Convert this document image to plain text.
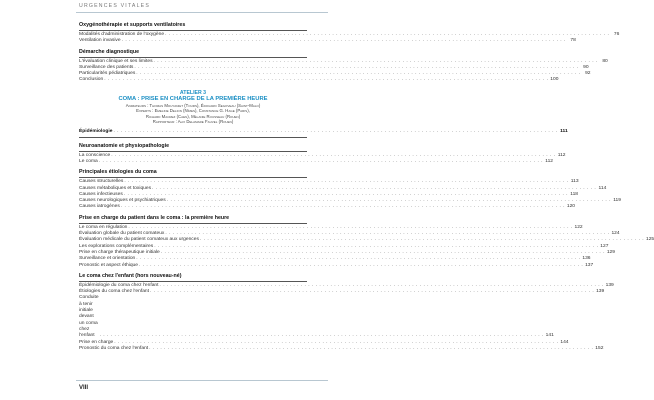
URGENCES VITALES
Oxygénothérapie et supports ventilatoires
Modalités d'administration de l'oxygène . . . . . . . . . . . . . . . . . . . . . . . . . . . . . . . . . . . . . . . . . . . . . . . . . . . . . . . . . . . . . . . . . . . . . . . . . . . . . . . . . . . . . . . . . . . . . . . . . . . . . . . . . . . . . . . . . . . . . . . . 76
Ventilation invasive . . . . . . . . . . . . . . . . . . . . . . . . . . . . . . . . . . . . . . . . . . . . . . . . . . . . . . . . . . . . . . . . . . . . . . . . . . . . . . . . . . . . . . . . . . . . . . . . . . . . . . . . . . . . . . . . . . . . . . . . 78
Démarche diagnostique
L'évaluation clinique et ses limites . . . . . . . . . . . . . . . . . . . . . . . . . . . . . . . . . . . . . . . . . . . . . . . . . . . . . . . . . . . . . . . . . . . . . . . . . . . . . . . . . . . . . . . . . . . . . . . . . . . . . . . . . . . . . . . . . . . . . . . . 80
Surveillance des patients . . . . . . . . . . . . . . . . . . . . . . . . . . . . . . . . . . . . . . . . . . . . . . . . . . . . . . . . . . . . . . . . . . . . . . . . . . . . . . . . . . . . . . . . . . . . . . . . . . . . . . . . . . . . . . . . . . . . . . . . 90
Particularités pédiatriques . . . . . . . . . . . . . . . . . . . . . . . . . . . . . . . . . . . . . . . . . . . . . . . . . . . . . . . . . . . . . . . . . . . . . . . . . . . . . . . . . . . . . . . . . . . . . . . . . . . . . . . . . . . . . . . . . . . . . . . . 92
Conclusion . . . . . . . . . . . . . . . . . . . . . . . . . . . . . . . . . . . . . . . . . . . . . . . . . . . . . . . . . . . . . . . . . . . . . . . . . . . . . . . . . . . . . . . . . . . . . . . . . . . . . . . . . . . . . . . . . . . . . . . . 100
ATELIER 3
COMA : PRISE EN CHARGE DE LA PREMIÈRE HEURE
Animateurs : Thomas Mouyaniet (Tours), Édouard Segoveau (Saint-Malo)
Experts : Emeline Delion (Nîmes), Constance G. Hage (Paris),
Richard Macrez (Caen), Mélanie Rousseau (Rouen)
Rapporteur : Alix Delamare Fauvel (Rouen)
Épidémiologie . . . . . . . . . . . . . . . . . . . . . . . . . . . . . . . . . . . . . . . . . . . . . . . . . . . . . . . . . . . . . . . . . . . . . . . . . . . . . . . . . . . . . . . . . . . . . . . . . . . . . . . . . . . . . . . . . . . . . . . . 111
Neuroanatomie et physiopathologie
La conscience . . . . . . . . . . . . . . . . . . . . . . . . . . . . . . . . . . . . . . . . . . . . . . . . . . . . . . . . . . . . . . . . . . . . . . . . . . . . . . . . . . . . . . . . . . . . . . . . . . . . . . . . . . . . . . . . . . . . . . . . 112
Le coma . . . . . . . . . . . . . . . . . . . . . . . . . . . . . . . . . . . . . . . . . . . . . . . . . . . . . . . . . . . . . . . . . . . . . . . . . . . . . . . . . . . . . . . . . . . . . . . . . . . . . . . . . . . . . . . . . . . . . . . . 112
Principales étiologies du coma
Causes structurelles . . . . . . . . . . . . . . . . . . . . . . . . . . . . . . . . . . . . . . . . . . . . . . . . . . . . . . . . . . . . . . . . . . . . . . . . . . . . . . . . . . . . . . . . . . . . . . . . . . . . . . . . . . . . . . . . . . . . . . . . 113
Causes métaboliques et toxiques . . . . . . . . . . . . . . . . . . . . . . . . . . . . . . . . . . . . . . . . . . . . . . . . . . . . . . . . . . . . . . . . . . . . . . . . . . . . . . . . . . . . . . . . . . . . . . . . . . . . . . . . . . . . . . . . . . . . . . . . 114
Causes infectieuses . . . . . . . . . . . . . . . . . . . . . . . . . . . . . . . . . . . . . . . . . . . . . . . . . . . . . . . . . . . . . . . . . . . . . . . . . . . . . . . . . . . . . . . . . . . . . . . . . . . . . . . . . . . . . . . . . . . . . . . . 118
Causes neurologiques et psychiatriques . . . . . . . . . . . . . . . . . . . . . . . . . . . . . . . . . . . . . . . . . . . . . . . . . . . . . . . . . . . . . . . . . . . . . . . . . . . . . . . . . . . . . . . . . . . . . . . . . . . . . . . . . . . . . . . . . . . . . . . . 119
Causes iatrogènes . . . . . . . . . . . . . . . . . . . . . . . . . . . . . . . . . . . . . . . . . . . . . . . . . . . . . . . . . . . . . . . . . . . . . . . . . . . . . . . . . . . . . . . . . . . . . . . . . . . . . . . . . . . . . . . . . . . . . . . . 120
Prise en charge du patient dans le coma : la première heure
Le coma en régulation . . . . . . . . . . . . . . . . . . . . . . . . . . . . . . . . . . . . . . . . . . . . . . . . . . . . . . . . . . . . . . . . . . . . . . . . . . . . . . . . . . . . . . . . . . . . . . . . . . . . . . . . . . . . . . . . . . . . . . . . 122
Évaluation globale du patient comateux . . . . . . . . . . . . . . . . . . . . . . . . . . . . . . . . . . . . . . . . . . . . . . . . . . . . . . . . . . . . . . . . . . . . . . . . . . . . . . . . . . . . . . . . . . . . . . . . . . . . . . . . . . . . . . . . . . . . . . . . 124
Évaluation médicale du patient comateux aux urgences . . . . . . . . . . . . . . . . . . . . . . . . . . . . . . . . . . . . . . . . . . . . . . . . . . . . . . . . . . . . . . . . . . . . . . . . . . . . . . . . . . . . . . . . . . . . . . . . . . . . . . . . . . . . . . . . . . . . . . . . 125
Les explorations complémentaires . . . . . . . . . . . . . . . . . . . . . . . . . . . . . . . . . . . . . . . . . . . . . . . . . . . . . . . . . . . . . . . . . . . . . . . . . . . . . . . . . . . . . . . . . . . . . . . . . . . . . . . . . . . . . . . . . . . . . . . . 127
Prise en charge thérapeutique initiale . . . . . . . . . . . . . . . . . . . . . . . . . . . . . . . . . . . . . . . . . . . . . . . . . . . . . . . . . . . . . . . . . . . . . . . . . . . . . . . . . . . . . . . . . . . . . . . . . . . . . . . . . . . . . . . . . . . . . . . . 129
Surveillance et orientation . . . . . . . . . . . . . . . . . . . . . . . . . . . . . . . . . . . . . . . . . . . . . . . . . . . . . . . . . . . . . . . . . . . . . . . . . . . . . . . . . . . . . . . . . . . . . . . . . . . . . . . . . . . . . . . . . . . . . . . . 136
Pronostic et aspect éthique . . . . . . . . . . . . . . . . . . . . . . . . . . . . . . . . . . . . . . . . . . . . . . . . . . . . . . . . . . . . . . . . . . . . . . . . . . . . . . . . . . . . . . . . . . . . . . . . . . . . . . . . . . . . . . . . . . . . . . . . 137
Le coma chez l'enfant (hors nouveau-né)
Épidémiologie du coma chez l'enfant . . . . . . . . . . . . . . . . . . . . . . . . . . . . . . . . . . . . . . . . . . . . . . . . . . . . . . . . . . . . . . . . . . . . . . . . . . . . . . . . . . . . . . . . . . . . . . . . . . . . . . . . . . . . . . . . . . . . . . . . 139
Étiologies du coma chez l'enfant . . . . . . . . . . . . . . . . . . . . . . . . . . . . . . . . . . . . . . . . . . . . . . . . . . . . . . . . . . . . . . . . . . . . . . . . . . . . . . . . . . . . . . . . . . . . . . . . . . . . . . . . . . . . . . . . . . . . . . . . 139
Conduite à tenir initiale devant un coma chez l'enfant	. . . . . . . . . . . . . . . . . . . . . . . . . . . . . . . . . . . . . . . . . . . . . . . . . . . . . . . . . . . . . . . . . . . . . . . . . . . . . . . . . . . . . . . . . . . . . . . . . . . . . . . . . . . . . . . . . . . . . . . . 141
Prise en charge . . . . . . . . . . . . . . . . . . . . . . . . . . . . . . . . . . . . . . . . . . . . . . . . . . . . . . . . . . . . . . . . . . . . . . . . . . . . . . . . . . . . . . . . . . . . . . . . . . . . . . . . . . . . . . . . . . . . . . . . 144
Pronostic du coma chez l'enfant . . . . . . . . . . . . . . . . . . . . . . . . . . . . . . . . . . . . . . . . . . . . . . . . . . . . . . . . . . . . . . . . . . . . . . . . . . . . . . . . . . . . . . . . . . . . . . . . . . . . . . . . . . . . . . . . . . . . . . . . 152
VIII
